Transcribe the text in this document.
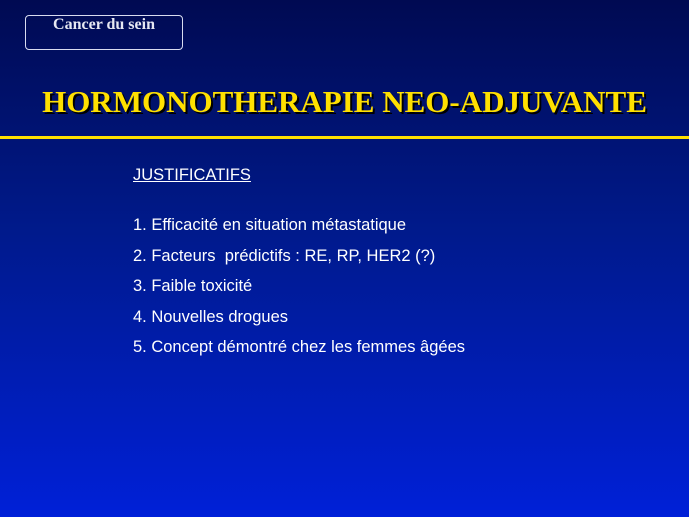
Cancer du sein
HORMONOTHERAPIE NEO-ADJUVANTE
JUSTIFICATIFS
1. Efficacité en situation métastatique
2. Facteurs  prédictifs : RE, RP, HER2 (?)
3. Faible toxicité
4. Nouvelles drogues
5. Concept démontré chez les femmes âgées
